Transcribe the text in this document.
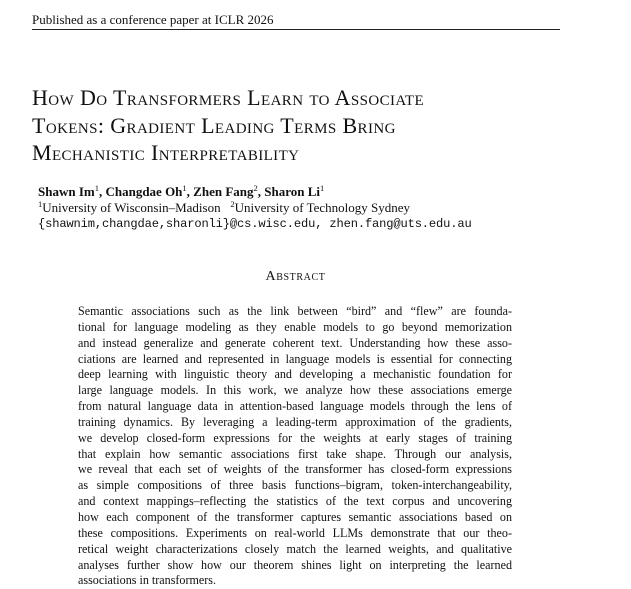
Published as a conference paper at ICLR 2026
How Do Transformers Learn to Associate
Tokens: Gradient Leading Terms Bring
Mechanistic Interpretability
Shawn Im$^1$, Changdae Oh$^1$, Zhen Fang$^2$, Sharon Li$^1$
$^1$University of Wisconsin–Madison $^2$University of Technology Sydney
{shawnim,changdae,sharonli}@cs.wisc.edu, zhen.fang@uts.edu.au
Abstract
Semantic associations such as the link between “bird” and “flew” are founda-
tional for language modeling as they enable models to go beyond memorization
and instead generalize and generate coherent text. Understanding how these asso-
ciations are learned and represented in language models is essential for connecting
deep learning with linguistic theory and developing a mechanistic foundation for
large language models. In this work, we analyze how these associations emerge
from natural language data in attention-based language models through the lens of
training dynamics. By leveraging a leading-term approximation of the gradients,
we develop closed-form expressions for the weights at early stages of training
that explain how semantic associations first take shape. Through our analysis,
we reveal that each set of weights of the transformer has closed-form expressions
as simple compositions of three basis functions–bigram, token-interchangeability,
and context mappings–reflecting the statistics of the text corpus and uncovering
how each component of the transformer captures semantic associations based on
these compositions. Experiments on real-world LLMs demonstrate that our theo-
retical weight characterizations closely match the learned weights, and qualitative
analyses further show how our theorem shines light on interpreting the learned
associations in transformers.
